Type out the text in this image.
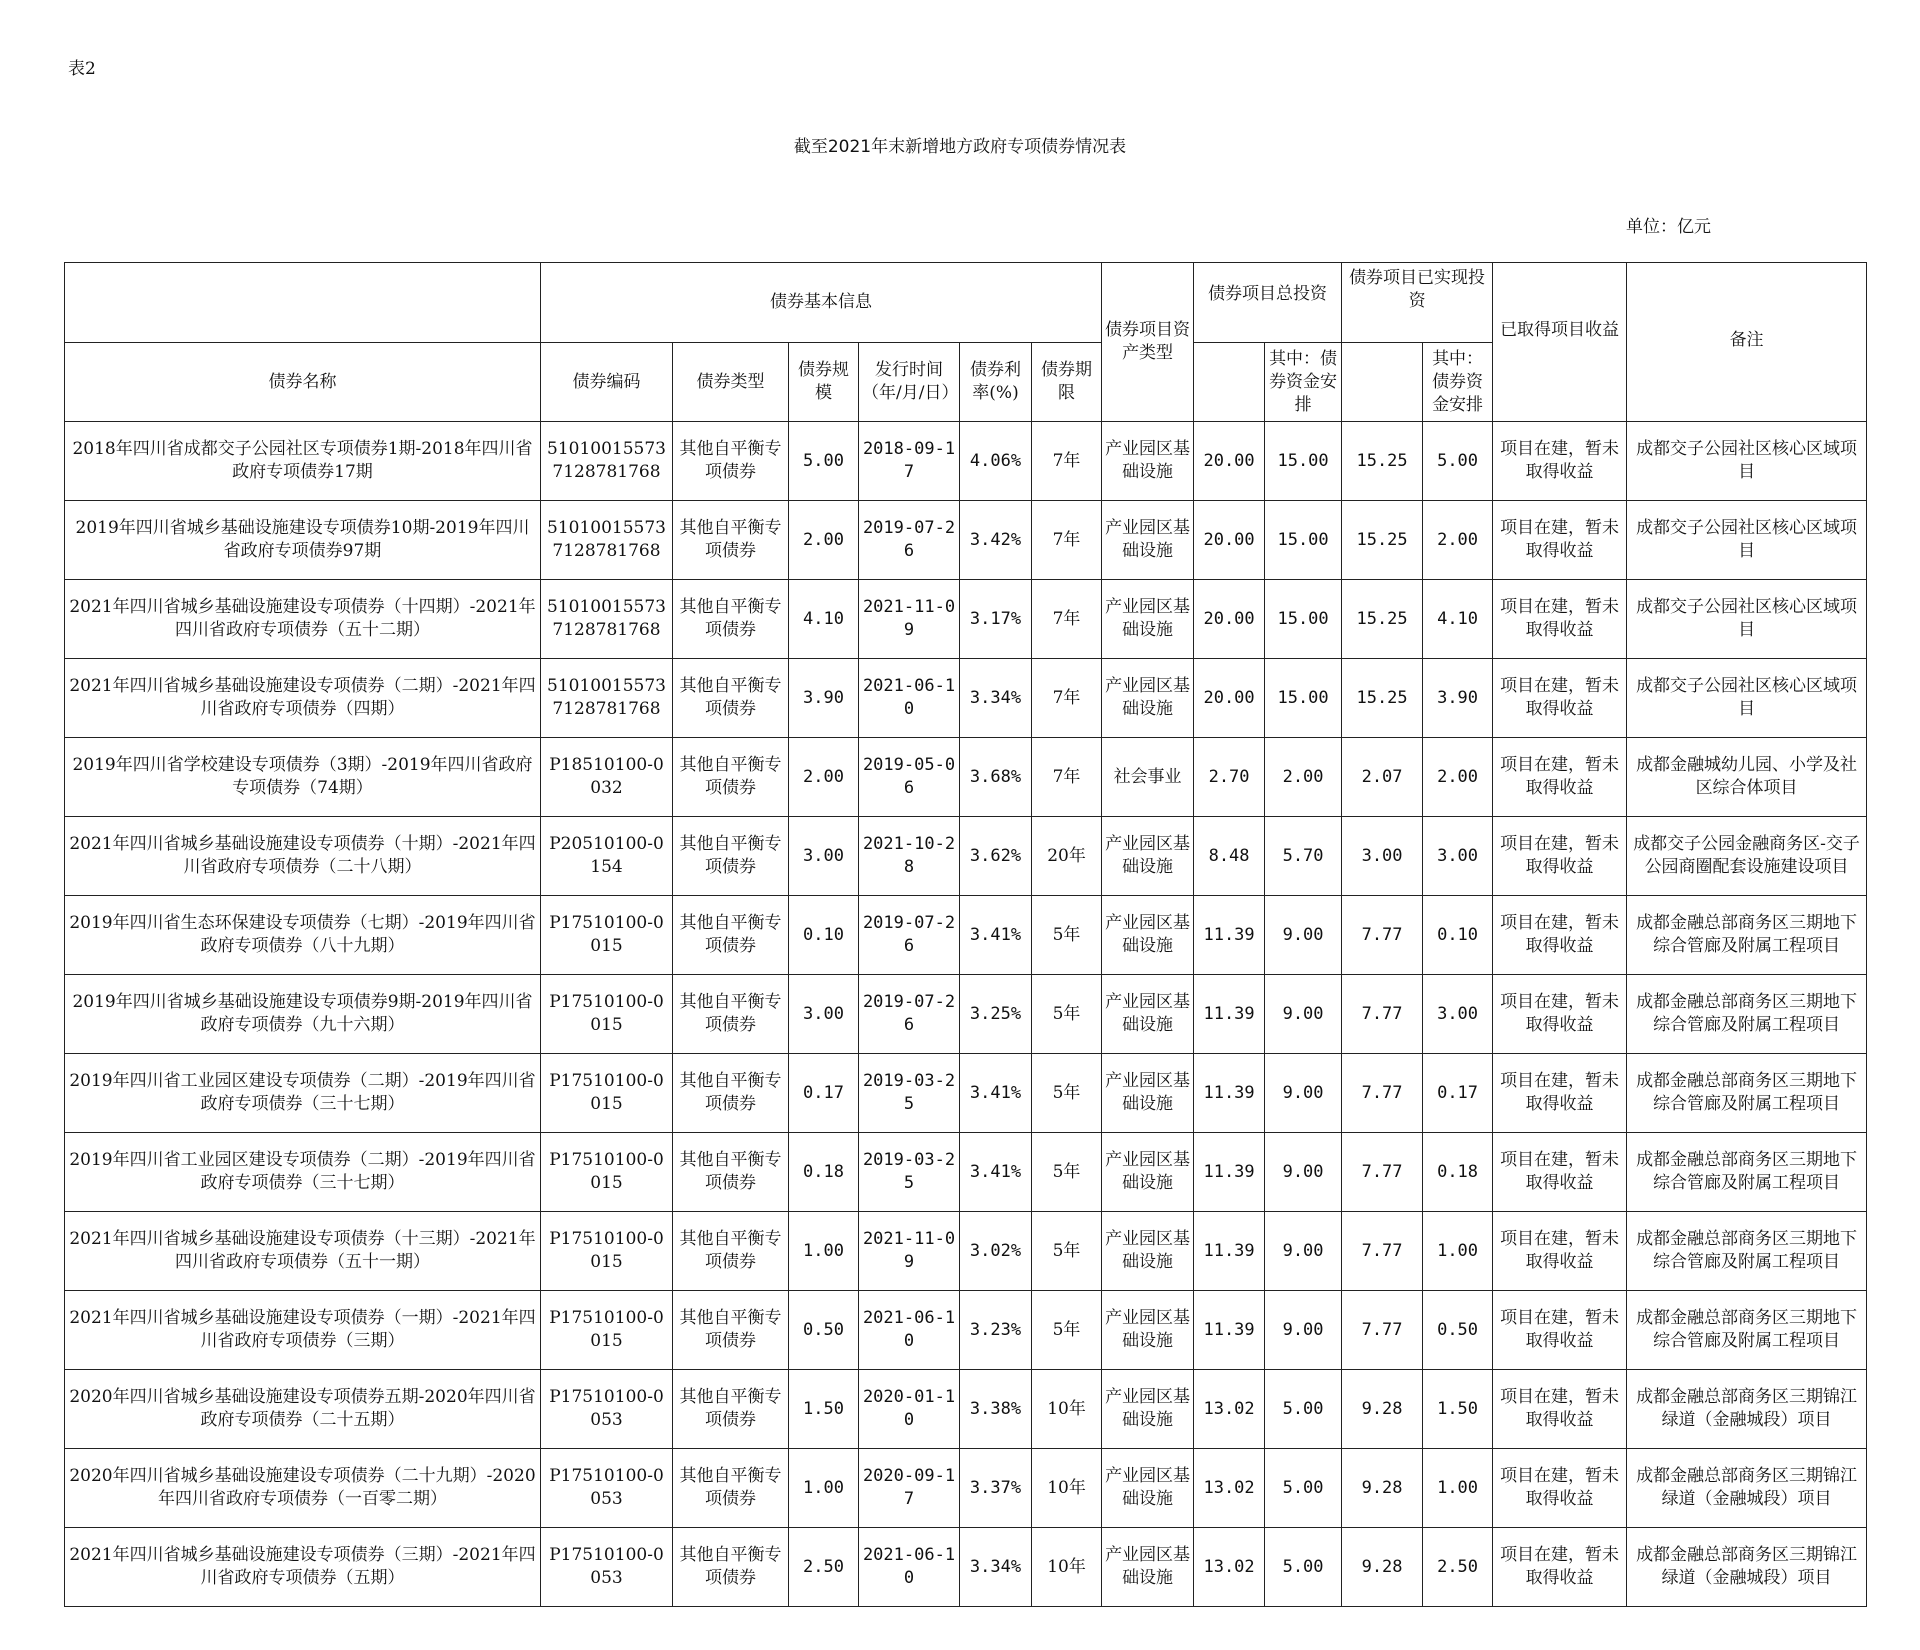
表2
截至2021年末新增地方政府专项债券情况表
单位：亿元
	债券基本信息						债券项目资产类型	债券项目总投资		债券项目已实现投资		已取得项目收益	备注
债券名称	债券编码	债券类型	债券规模	发行时间（年/月/日）	债券利率(%)	债券期限			其中：债券资金安排		其中：债券资金安排		
2018年四川省成都交子公园社区专项债券1期-2018年四川省政府专项债券17期	510100155737128781768	其他自平衡专项债券	5.00	2018-09-17	4.06%	7年	产业园区基础设施	20.00	15.00	15.25	5.00	项目在建，暂未取得收益	成都交子公园社区核心区域项目
2019年四川省城乡基础设施建设专项债券10期-2019年四川省政府专项债券97期	510100155737128781768	其他自平衡专项债券	2.00	2019-07-26	3.42%	7年	产业园区基础设施	20.00	15.00	15.25	2.00	项目在建，暂未取得收益	成都交子公园社区核心区域项目
2021年四川省城乡基础设施建设专项债券（十四期）-2021年四川省政府专项债券（五十二期）	510100155737128781768	其他自平衡专项债券	4.10	2021-11-09	3.17%	7年	产业园区基础设施	20.00	15.00	15.25	4.10	项目在建，暂未取得收益	成都交子公园社区核心区域项目
2021年四川省城乡基础设施建设专项债券（二期）-2021年四川省政府专项债券（四期）	510100155737128781768	其他自平衡专项债券	3.90	2021-06-10	3.34%	7年	产业园区基础设施	20.00	15.00	15.25	3.90	项目在建，暂未取得收益	成都交子公园社区核心区域项目
2019年四川省学校建设专项债券（3期）-2019年四川省政府专项债券（74期）	P18510100-0032	其他自平衡专项债券	2.00	2019-05-06	3.68%	7年	社会事业	2.70	2.00	2.07	2.00	项目在建，暂未取得收益	成都金融城幼儿园、小学及社区综合体项目
2021年四川省城乡基础设施建设专项债券（十期）-2021年四川省政府专项债券（二十八期）	P20510100-0154	其他自平衡专项债券	3.00	2021-10-28	3.62%	20年	产业园区基础设施	8.48	5.70	3.00	3.00	项目在建，暂未取得收益	成都交子公园金融商务区-交子公园商圈配套设施建设项目
2019年四川省生态环保建设专项债券（七期）-2019年四川省政府专项债券（八十九期）	P17510100-0015	其他自平衡专项债券	0.10	2019-07-26	3.41%	5年	产业园区基础设施	11.39	9.00	7.77	0.10	项目在建，暂未取得收益	成都金融总部商务区三期地下综合管廊及附属工程项目
2019年四川省城乡基础设施建设专项债券9期-2019年四川省政府专项债券（九十六期）	P17510100-0015	其他自平衡专项债券	3.00	2019-07-26	3.25%	5年	产业园区基础设施	11.39	9.00	7.77	3.00	项目在建，暂未取得收益	成都金融总部商务区三期地下综合管廊及附属工程项目
2019年四川省工业园区建设专项债券（二期）-2019年四川省政府专项债券（三十七期）	P17510100-0015	其他自平衡专项债券	0.17	2019-03-25	3.41%	5年	产业园区基础设施	11.39	9.00	7.77	0.17	项目在建，暂未取得收益	成都金融总部商务区三期地下综合管廊及附属工程项目
2019年四川省工业园区建设专项债券（二期）-2019年四川省政府专项债券（三十七期）	P17510100-0015	其他自平衡专项债券	0.18	2019-03-25	3.41%	5年	产业园区基础设施	11.39	9.00	7.77	0.18	项目在建，暂未取得收益	成都金融总部商务区三期地下综合管廊及附属工程项目
2021年四川省城乡基础设施建设专项债券（十三期）-2021年四川省政府专项债券（五十一期）	P17510100-0015	其他自平衡专项债券	1.00	2021-11-09	3.02%	5年	产业园区基础设施	11.39	9.00	7.77	1.00	项目在建，暂未取得收益	成都金融总部商务区三期地下综合管廊及附属工程项目
2021年四川省城乡基础设施建设专项债券（一期）-2021年四川省政府专项债券（三期）	P17510100-0015	其他自平衡专项债券	0.50	2021-06-10	3.23%	5年	产业园区基础设施	11.39	9.00	7.77	0.50	项目在建，暂未取得收益	成都金融总部商务区三期地下综合管廊及附属工程项目
2020年四川省城乡基础设施建设专项债券五期-2020年四川省政府专项债券（二十五期）	P17510100-0053	其他自平衡专项债券	1.50	2020-01-10	3.38%	10年	产业园区基础设施	13.02	5.00	9.28	1.50	项目在建，暂未取得收益	成都金融总部商务区三期锦江绿道（金融城段）项目
2020年四川省城乡基础设施建设专项债券（二十九期）-2020年四川省政府专项债券（一百零二期）	P17510100-0053	其他自平衡专项债券	1.00	2020-09-17	3.37%	10年	产业园区基础设施	13.02	5.00	9.28	1.00	项目在建，暂未取得收益	成都金融总部商务区三期锦江绿道（金融城段）项目
2021年四川省城乡基础设施建设专项债券（三期）-2021年四川省政府专项债券（五期）	P17510100-0053	其他自平衡专项债券	2.50	2021-06-10	3.34%	10年	产业园区基础设施	13.02	5.00	9.28	2.50	项目在建，暂未取得收益	成都金融总部商务区三期锦江绿道（金融城段）项目
